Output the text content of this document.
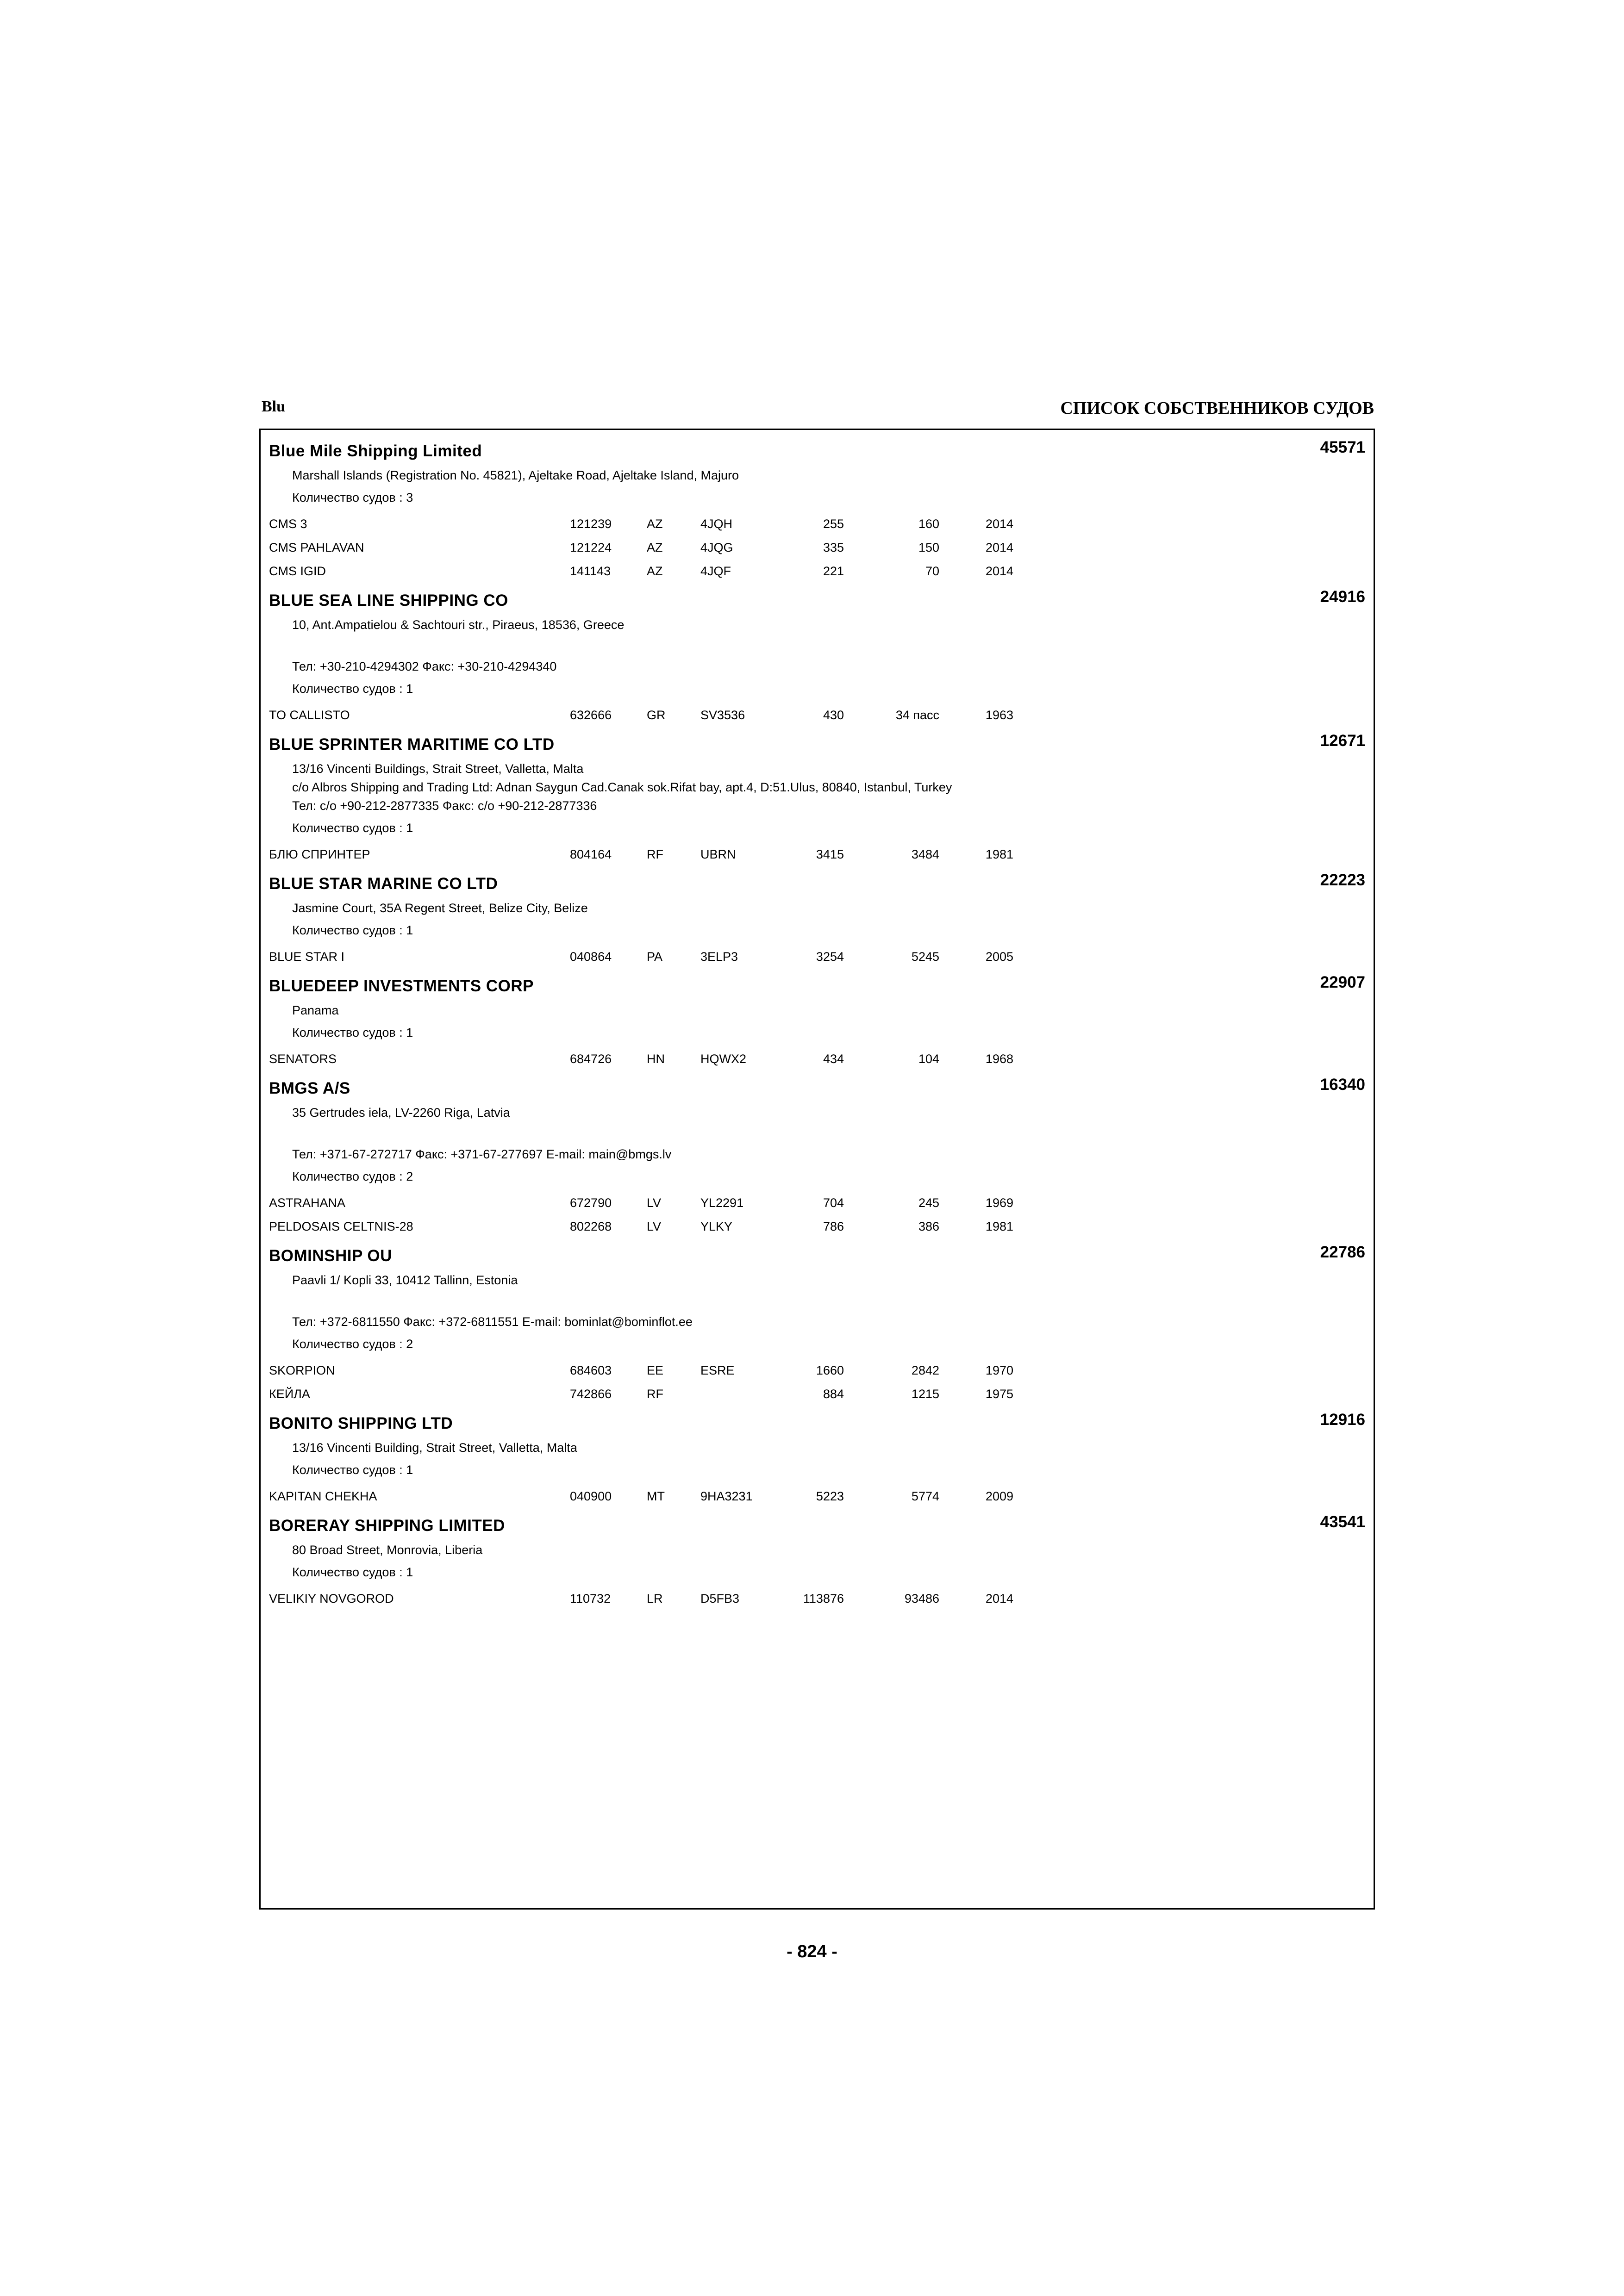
Blu	СПИСОК СОБСТВЕННИКОВ СУДОВ
Blue Mile Shipping Limited	45571
Marshall Islands (Registration No. 45821), Ajeltake Road, Ajeltake Island, Majuro
Количество судов : 3
CMS 3	121239	AZ	4JQH	255	160	2014
CMS PAHLAVAN	121224	AZ	4JQG	335	150	2014
CMS IGID	141143	AZ	4JQF	221	70	2014
BLUE SEA LINE SHIPPING CO	24916
10, Ant.Ampatielou & Sachtouri str., Piraeus, 18536, Greece
Тел: +30-210-4294302 Факс: +30-210-4294340
Количество судов : 1
TO CALLISTO	632666	GR	SV3536	430	34 пасс	1963
BLUE SPRINTER MARITIME CO LTD	12671
13/16 Vincenti Buildings, Strait Street, Valletta, Malta
c/o Albros Shipping and Trading Ltd: Adnan Saygun Cad.Canak sok.Rifat bay, apt.4, D:51.Ulus, 80840, Istanbul, Turkey
Тел: c/o +90-212-2877335 Факс: c/o +90-212-2877336
Количество судов : 1
БЛЮ СПРИНТЕР	804164	RF	UBRN	3415	3484	1981
BLUE STAR MARINE CO LTD	22223
Jasmine Court, 35A Regent Street, Belize City, Belize
Количество судов : 1
BLUE STAR I	040864	PA	3ELP3	3254	5245	2005
BLUEDEEP INVESTMENTS CORP	22907
Panama
Количество судов : 1
SENATORS	684726	HN	HQWX2	434	104	1968
BMGS A/S	16340
35 Gertrudes iela, LV-2260 Riga, Latvia
Тел: +371-67-272717 Факс: +371-67-277697 E-mail: main@bmgs.lv
Количество судов : 2
ASTRAHANA	672790	LV	YL2291	704	245	1969
PELDOSAIS CELTNIS-28	802268	LV	YLKY	786	386	1981
BOMINSHIP OU	22786
Paavli 1/ Kopli 33, 10412 Tallinn, Estonia
Тел: +372-6811550 Факс: +372-6811551 E-mail: bominlat@bominflot.ee
Количество судов : 2
SKORPION	684603	EE	ESRE	1660	2842	1970
КЕЙЛА	742866	RF		884	1215	1975
BONITO SHIPPING LTD	12916
13/16 Vincenti Building, Strait Street, Valletta, Malta
Количество судов : 1
KAPITAN CHEKHA	040900	MT	9HA3231	5223	5774	2009
BORERAY SHIPPING LIMITED	43541
80 Broad Street, Monrovia, Liberia
Количество судов : 1
VELIKIY NOVGOROD	110732	LR	D5FB3	113876	93486	2014
- 824 -
